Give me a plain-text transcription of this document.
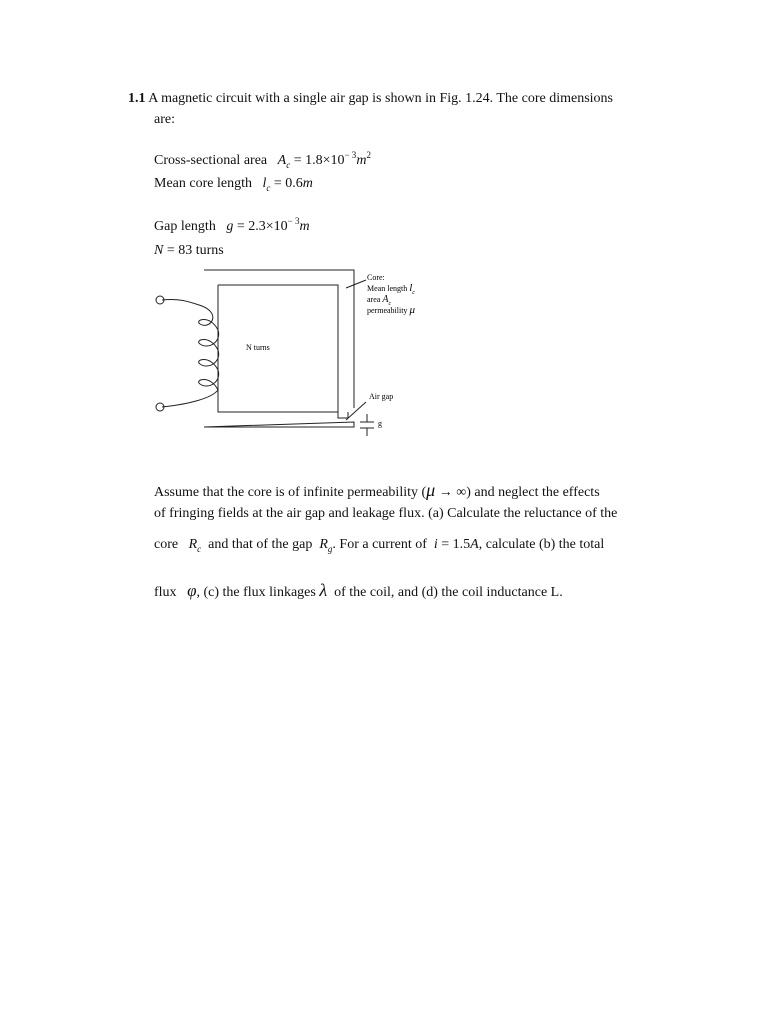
1.1 A magnetic circuit with a single air gap is shown in Fig. 1.24. The core dimensions
are:
Cross-sectional area $A_c = 1.8\times 10^{- 3}m^2$
Mean core length $l_c = 0.6m$
Gap length $g = 2.3\times 10^{- 3}m$
N = 83 turns
Core:
Mean length $l_c$
area $A_c$
permeability μ
N turns
Air gap
g
Assume that the core is of infinite permeability (μ → ∞) and neglect the effects
of fringing fields at the air gap and leakage flux. (a) Calculate the reluctance of the
core $R_c$ and that of the gap $R_g$. For a current of i = 1.5A, calculate (b) the total
flux φ, (c) the flux linkages λ of the coil, and (d) the coil inductance L.
